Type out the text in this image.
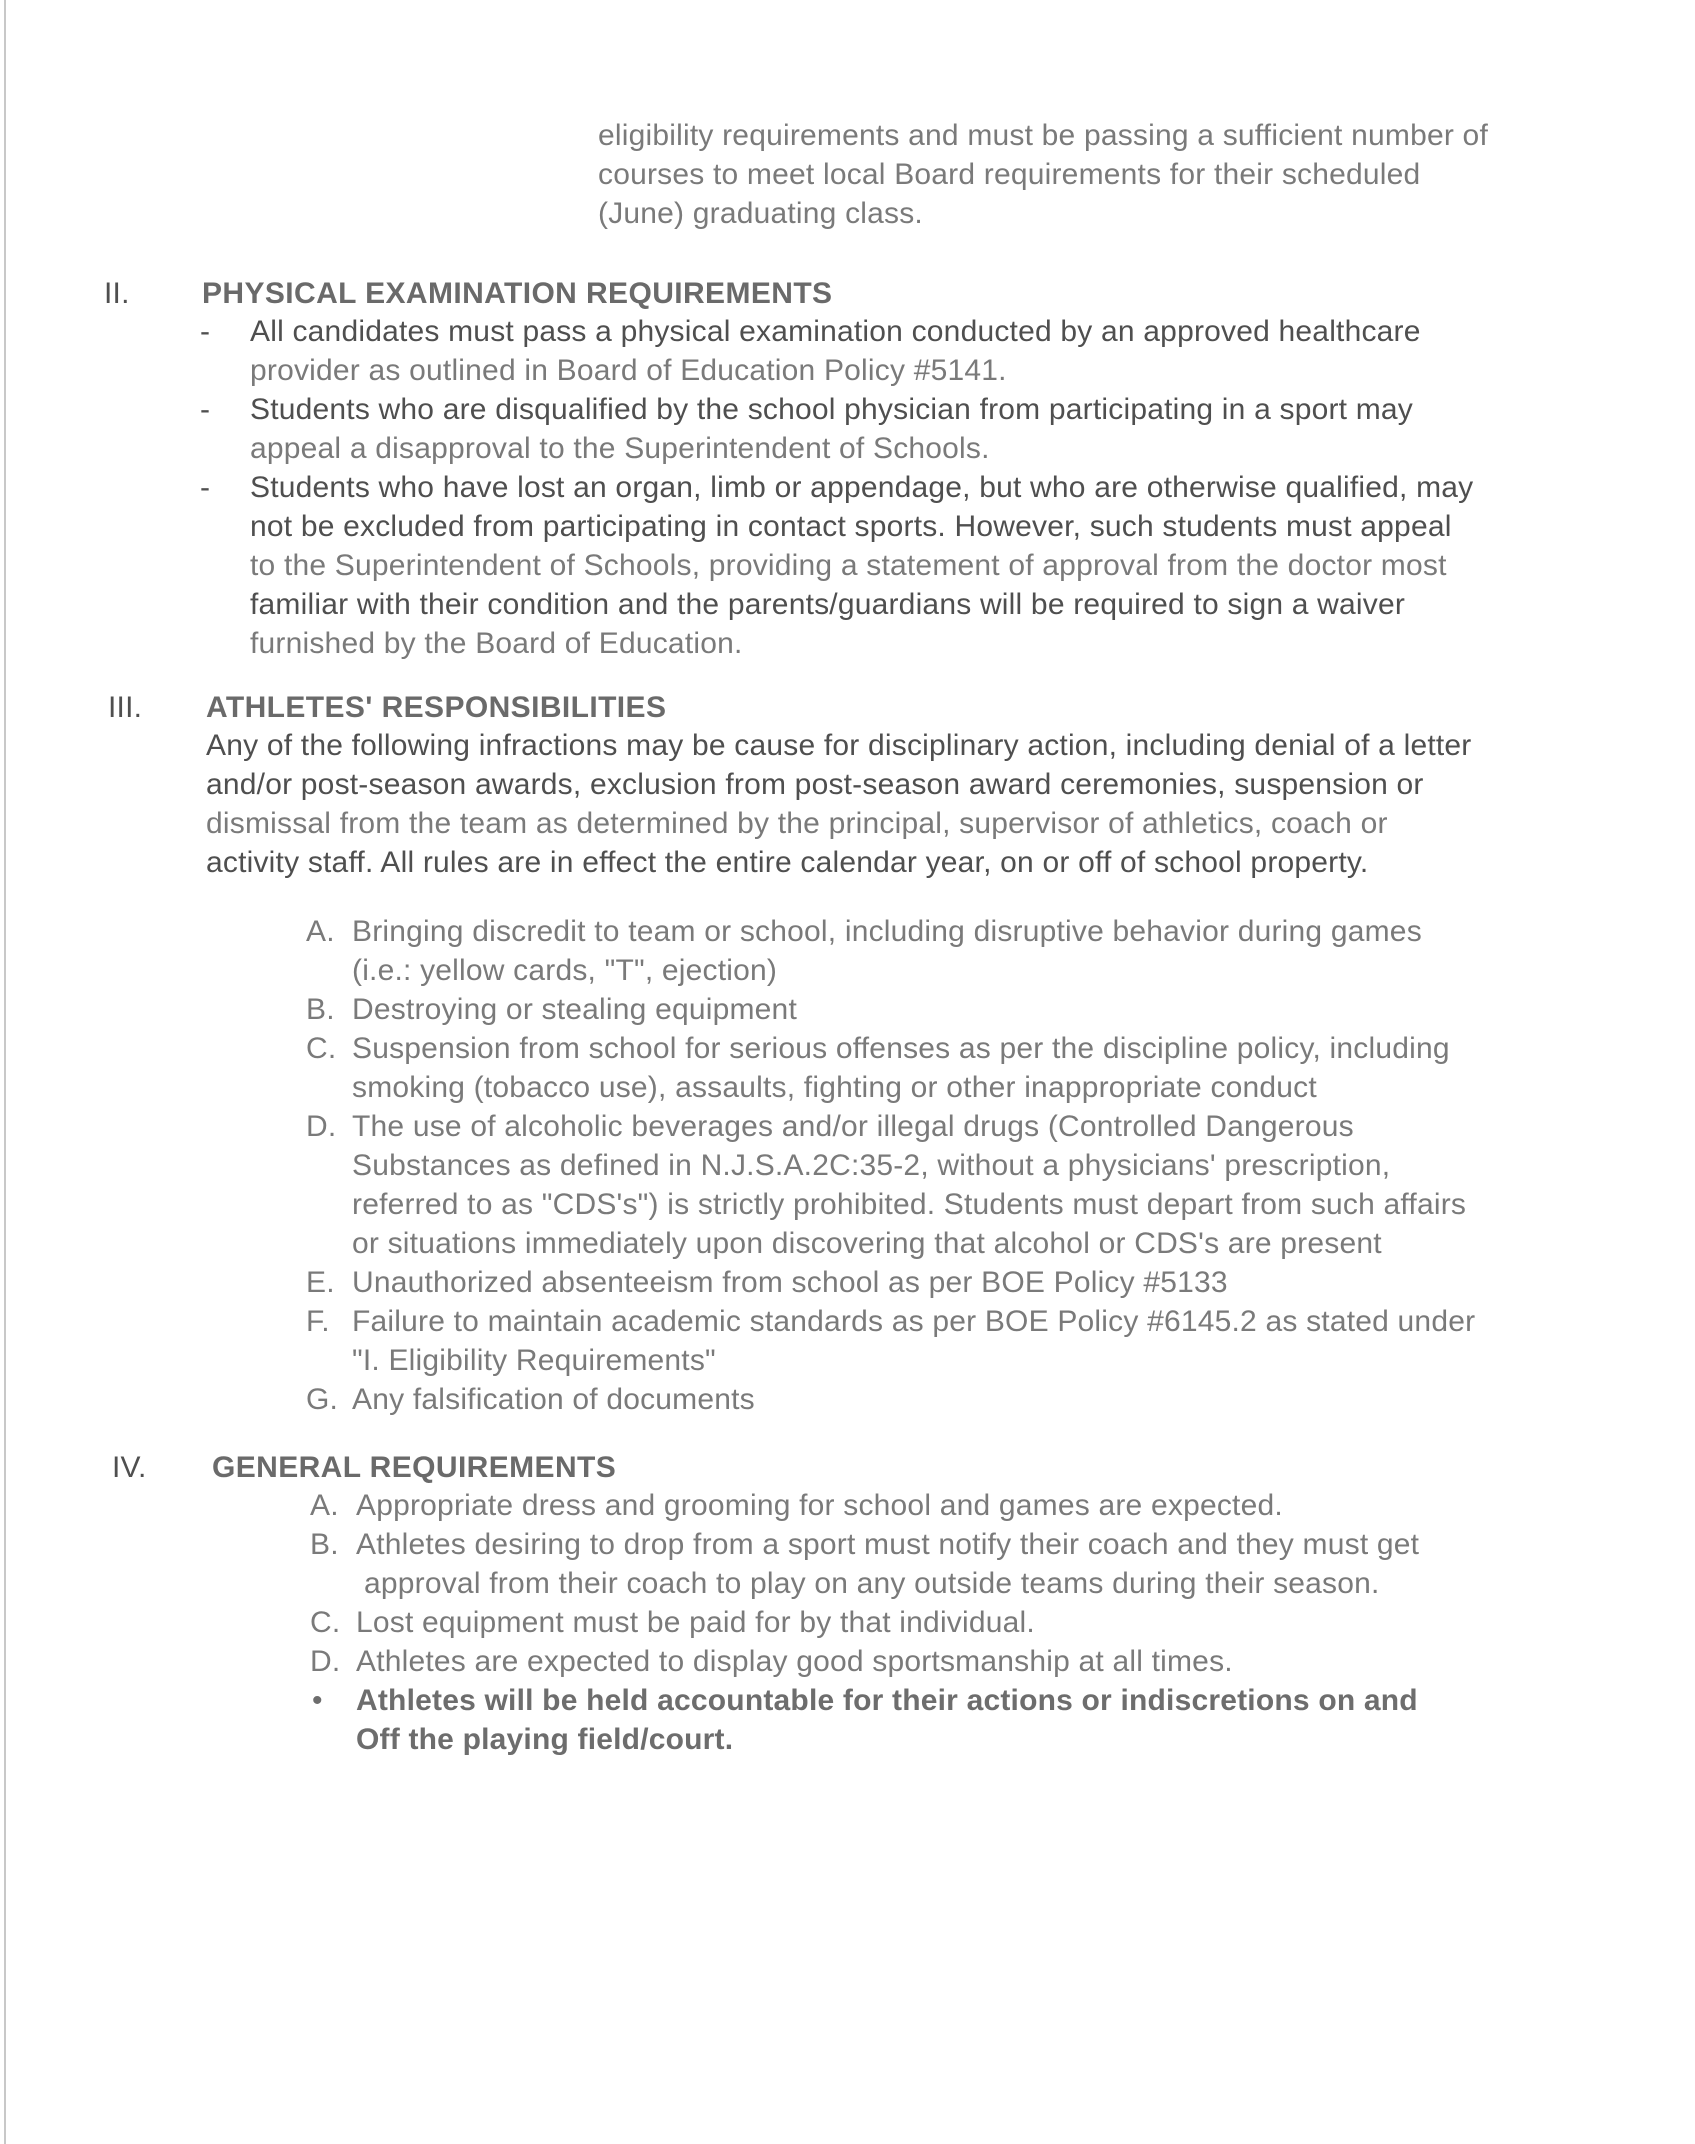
eligibility requirements and must be passing a sufficient number of

courses to meet local Board requirements for their scheduled

(June) graduating class.

II. PHYSICAL EXAMINATION REQUIREMENTS
- All candidates must pass a physical examination conducted by an approved healthcare
provider as outlined in Board of Education Policy #5141.
- Students who are disqualified by the school physician from participating in a sport may
appeal a disapproval to the Superintendent of Schools.
- Students who have lost an organ, limb or appendage, but who are otherwise qualified, may
not be excluded from participating in contact sports. However, such students must appeal
to the Superintendent of Schools, providing a statement of approval from the doctor most
familiar with their condition and the parents/guardians will be required to sign a waiver
furnished by the Board of Education.
III. ATHLETES' RESPONSIBILITIES
Any of the following infractions may be cause for disciplinary action, including denial of a letter
and/or post-season awards, exclusion from post-season award ceremonies, suspension or
dismissal from the team as determined by the principal, supervisor of athletics, coach or
activity staff. All rules are in effect the entire calendar year, on or off of school property.
A. Bringing discredit to team or school, including disruptive behavior during games
(i.e.: yellow cards, "T", ejection)
B. Destroying or stealing equipment
C. Suspension from school for serious offenses as per the discipline policy, including
smoking (tobacco use), assaults, fighting or other inappropriate conduct
D. The use of alcoholic beverages and/or illegal drugs (Controlled Dangerous
Substances as defined in N.J.S.A.2C:35-2, without a physicians' prescription,
referred to as "CDS's") is strictly prohibited. Students must depart from such affairs
or situations immediately upon discovering that alcohol or CDS's are present
E. Unauthorized absenteeism from school as per BOE Policy #5133
F. Failure to maintain academic standards as per BOE Policy #6145.2 as stated under
"I. Eligibility Requirements"
G. Any falsification of documents
IV. GENERAL REQUIREMENTS
A. Appropriate dress and grooming for school and games are expected.
B. Athletes desiring to drop from a sport must notify their coach and they must get
approval from their coach to play on any outside teams during their season.
C. Lost equipment must be paid for by that individual.
D. Athletes are expected to display good sportsmanship at all times.
• Athletes will be held accountable for their actions or indiscretions on and
Off the playing field/court.
